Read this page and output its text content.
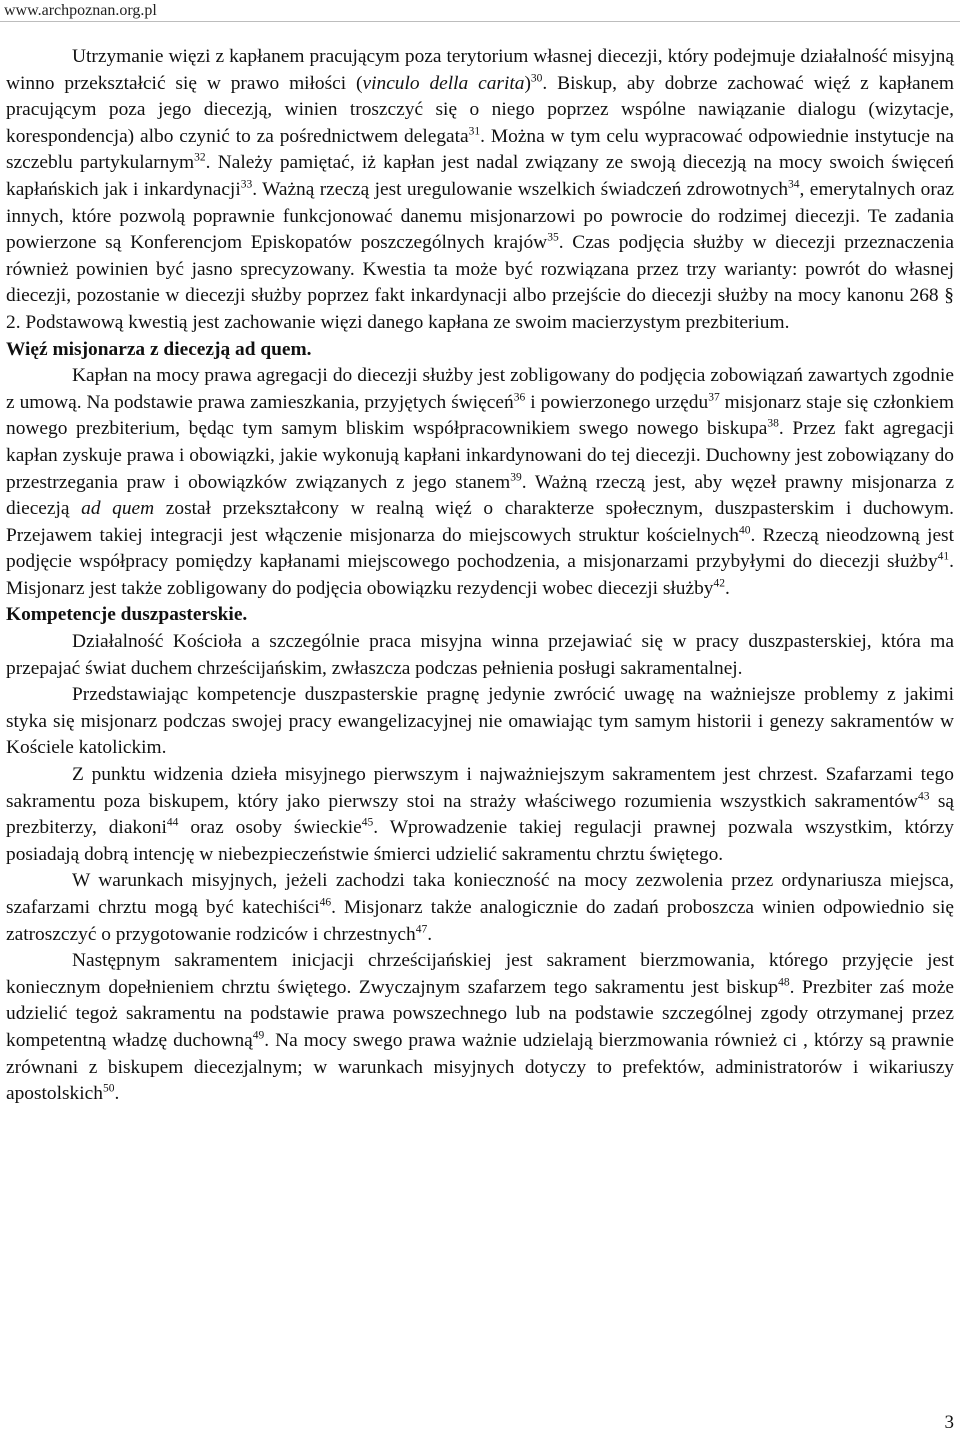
www.archpoznan.org.pl

Utrzymanie więzi z kapłanem pracującym poza terytorium własnej diecezji, który podejmuje działalność misyjną winno przekształcić się w prawo miłości (vinculo della carita)$^{30}$. Biskup, aby dobrze zachować więź z kapłanem pracującym poza jego diecezją, winien troszczyć się o niego poprzez wspólne nawiązanie dialogu (wizytacje, korespondencja) albo czynić to za pośrednictwem delegata$^{31}$. Można w tym celu wypracować odpowiednie instytucje na szczeblu partykularnym$^{32}$. Należy pamiętać, iż kapłan jest nadal związany ze swoją diecezją na mocy swoich święceń kapłańskich jak i inkardynacji$^{33}$. Ważną rzeczą jest uregulowanie wszelkich świadczeń zdrowotnych$^{34}$, emerytalnych oraz innych, które pozwolą poprawnie funkcjonować danemu misjonarzowi po powrocie do rodzimej diecezji. Te zadania powierzone są Konferencjom Episkopatów poszczególnych krajów$^{35}$. Czas podjęcia służby w diecezji przeznaczenia również powinien być jasno sprecyzowany. Kwestia ta może być rozwiązana przez trzy warianty: powrót do własnej diecezji, pozostanie w diecezji służby poprzez fakt inkardynacji albo przejście do diecezji służby na mocy kanonu 268 § 2. Podstawową kwestią jest zachowanie więzi danego kapłana ze swoim macierzystym prezbiterium.

Więź misjonarza z diecezją ad quem.

Kapłan na mocy prawa agregacji do diecezji służby jest zobligowany do podjęcia zobowiązań zawartych zgodnie z umową. Na podstawie prawa zamieszkania, przyjętych święceń$^{36}$ i powierzonego urzędu$^{37}$ misjonarz staje się członkiem nowego prezbiterium, będąc tym samym bliskim współpracownikiem swego nowego biskupa$^{38}$. Przez fakt agregacji kapłan zyskuje prawa i obowiązki, jakie wykonują kapłani inkardynowani do tej diecezji. Duchowny jest zobowiązany do przestrzegania praw i obowiązków związanych z jego stanem$^{39}$. Ważną rzeczą jest, aby węzeł prawny misjonarza z diecezją ad quem został przekształcony w realną więź o charakterze społecznym, duszpasterskim i duchowym. Przejawem takiej integracji jest włączenie misjonarza do miejscowych struktur kościelnych$^{40}$. Rzeczą nieodzowną jest podjęcie współpracy pomiędzy kapłanami miejscowego pochodzenia, a misjonarzami przybyłymi do diecezji służby$^{41}$. Misjonarz jest także zobligowany do podjęcia obowiązku rezydencji wobec diecezji służby$^{42}$.

Kompetencje duszpasterskie.

Działalność Kościoła a szczególnie praca misyjna winna przejawiać się w pracy duszpasterskiej, która ma przepajać świat duchem chrześcijańskim, zwłaszcza podczas pełnienia posługi sakramentalnej.

Przedstawiając kompetencje duszpasterskie pragnę jedynie zwrócić uwagę na ważniejsze problemy z jakimi styka się misjonarz podczas swojej pracy ewangelizacyjnej nie omawiając tym samym historii i genezy sakramentów w Kościele katolickim.

Z punktu widzenia dzieła misyjnego pierwszym i najważniejszym sakramentem jest chrzest. Szafarzami tego sakramentu poza biskupem, który jako pierwszy stoi na straży właściwego rozumienia wszystkich sakramentów$^{43}$ są prezbiterzy, diakoni$^{44}$ oraz osoby świeckie$^{45}$. Wprowadzenie takiej regulacji prawnej pozwala wszystkim, którzy posiadają dobrą intencję w niebezpieczeństwie śmierci udzielić sakramentu chrztu świętego.

W warunkach misyjnych, jeżeli zachodzi taka konieczność na mocy zezwolenia przez ordynariusza miejsca, szafarzami chrztu mogą być katechiści$^{46}$. Misjonarz także analogicznie do zadań proboszcza winien odpowiednio się zatroszczyć o przygotowanie rodziców i chrzestnych$^{47}$.

Następnym sakramentem inicjacji chrześcijańskiej jest sakrament bierzmowania, którego przyjęcie jest koniecznym dopełnieniem chrztu świętego. Zwyczajnym szafarzem tego sakramentu jest biskup$^{48}$. Prezbiter zaś może udzielić tegoż sakramentu na podstawie prawa powszechnego lub na podstawie szczególnej zgody otrzymanej przez kompetentną władzę duchowną$^{49}$. Na mocy swego prawa ważnie udzielają bierzmowania również ci , którzy są prawnie zrównani z biskupem diecezjalnym; w warunkach misyjnych dotyczy to prefektów, administratorów i wikariuszy apostolskich$^{50}$.

3
